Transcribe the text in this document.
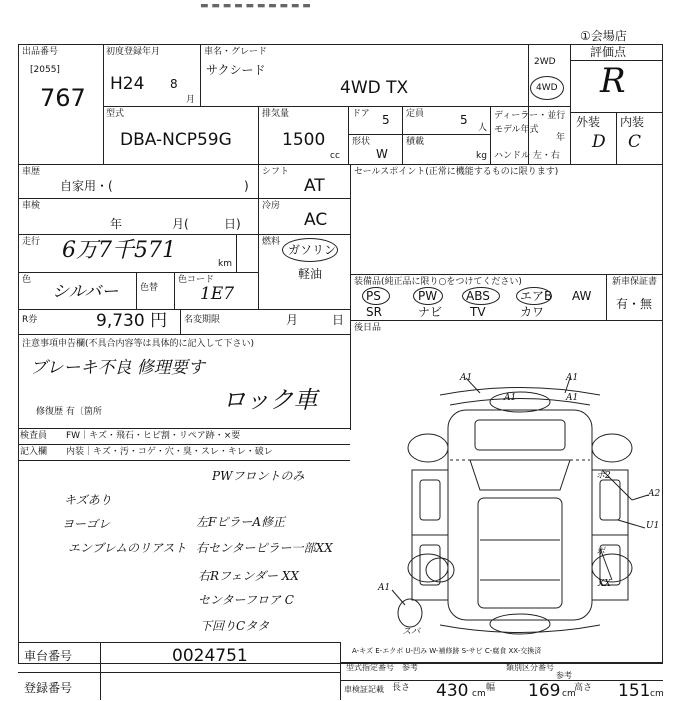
▬ ▬ ▬ ▬ ▬ ▬ ▬ ▬ ▬ ▬
①会場店
出品番号
[2055]
767
初度登録年月
H24 8
月
車名・グレード
サクシード
4WD TX
2WD
4WD
評価点
R
外装 内装
D C
型式
DBA-NCP59G
排気量
1500
cc
ドア 5 定員	5
人
形状
W
積載
kg
ディーラー・並行
モデル年式
年
ハンドル 左・右
車歴
自家用・(	)
シフト
AT
車検
年	月(	日)
冷房
AC
走行 6万7千571
km
燃料
ガソリン
軽油
色
シルバー 色替
色コード
1E7
R券	9,730 円 名変期限	月	日
セールスポイント(正常に機能するものに限ります)
装備品(純正品に限り○をつけてください)	新車保証書
有・無
PS	PW ABS	エアB AW
SR	ナビ TV	カワ
後日品
注意事項申告欄(不具合内容等は具体的に記入して下さい)
ブレーキ不良 修理要す
ロック車
修復歴 有〔箇所
検査員 FW｜キズ・飛石・ヒビ割・リペア跡・×要
記入欄 内装｜キズ・汚・コゲ・穴・臭・スレ・キレ・破レ
PWフロントのみ
キズあり
ヨーゴレ
エンブレムのリアスト
左FピラーA修正
右センターピラー一部XX
右Rフェンダー XX
センターフロア C
下回りCタタ
A1	A1
A1	A1
ポ2
A2
U1
ポ
XX
A1
スバ
A-キズ E-エクボ U-凹み W-補修跡 S-サビ C-腐食 XX-交換済
車台番号	0024751
登録番号
型式指定番号 参考	類別区分番号
参考
車検証記載 長さ 430 cm
幅 169 cm
高さ 151 cm
